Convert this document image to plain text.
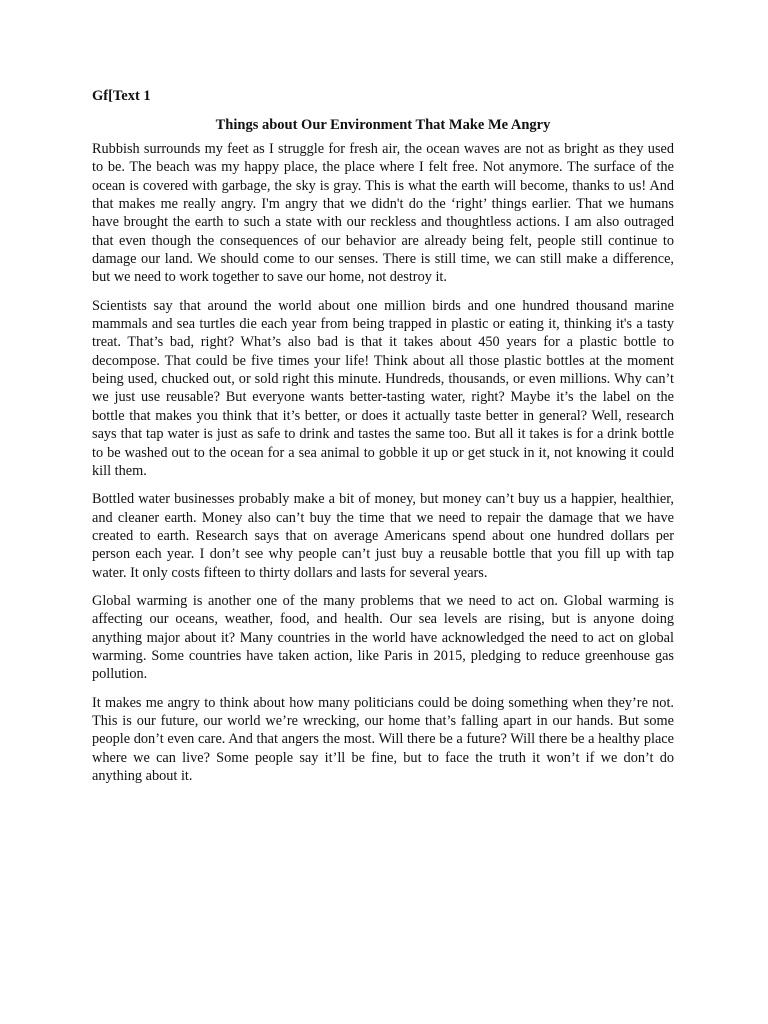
Gf[Text 1
Things about Our Environment That Make Me Angry

Rubbish surrounds my feet as I struggle for fresh air, the ocean waves are not as bright as they used to be. The beach was my happy place, the place where I felt free. Not anymore. The surface of the ocean is covered with garbage, the sky is gray. This is what the earth will become, thanks to us! And that makes me really angry. I'm angry that we didn't do the ‘right’ things earlier. That we humans have brought the earth to such a state with our reckless and thoughtless actions. I am also outraged that even though the consequences of our behavior are already being felt, people still continue to damage our land. We should come to our senses. There is still time, we can still make a difference, but we need to work together to save our home, not destroy it.

Scientists say that around the world about one million birds and one hundred thousand marine mammals and sea turtles die each year from being trapped in plastic or eating it, thinking it's a tasty treat. That’s bad, right? What’s also bad is that it takes about 450 years for a plastic bottle to decompose. That could be five times your life! Think about all those plastic bottles at the moment being used, chucked out, or sold right this minute. Hundreds, thousands, or even millions. Why can’t we just use reusable? But everyone wants better-tasting water, right? Maybe it’s the label on the bottle that makes you think that it’s better, or does it actually taste better in general? Well, research says that tap water is just as safe to drink and tastes the same too. But all it takes is for a drink bottle to be washed out to the ocean for a sea animal to gobble it up or get stuck in it, not knowing it could kill them.

Bottled water businesses probably make a bit of money, but money can’t buy us a happier, healthier, and cleaner earth. Money also can’t buy the time that we need to repair the damage that we have created to earth. Research says that on average Americans spend about one hundred dollars per person each year. I don’t see why people can’t just buy a reusable bottle that you fill up with tap water. It only costs fifteen to thirty dollars and lasts for several years.

Global warming is another one of the many problems that we need to act on. Global warming is affecting our oceans, weather, food, and health. Our sea levels are rising, but is anyone doing anything major about it? Many countries in the world have acknowledged the need to act on global warming. Some countries have taken action, like Paris in 2015, pledging to reduce greenhouse gas pollution.

It makes me angry to think about how many politicians could be doing something when they’re not. This is our future, our world we’re wrecking, our home that’s falling apart in our hands. But some people don’t even care. And that angers the most. Will there be a future? Will there be a healthy place where we can live? Some people say it’ll be fine, but to face the truth it won’t if we don’t do anything about it.
